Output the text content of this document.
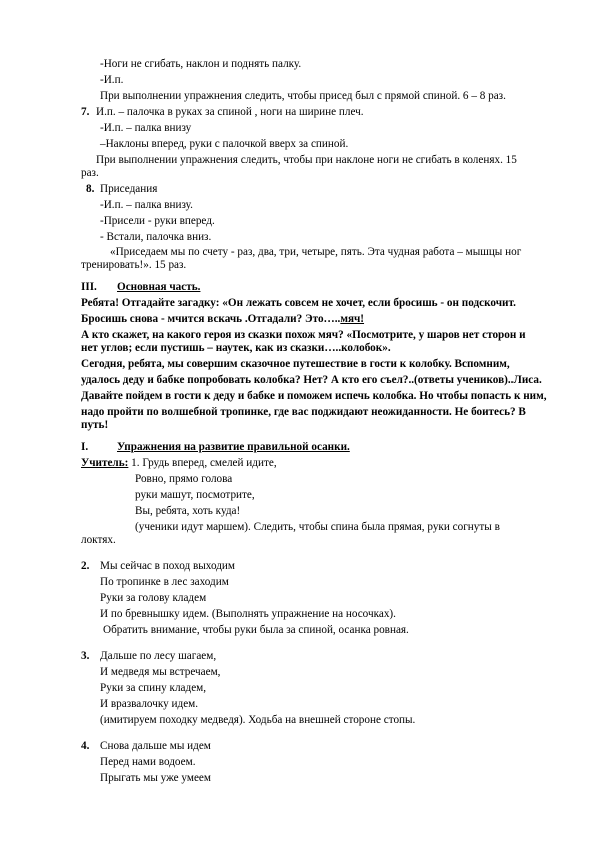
-Ноги не сгибать, наклон и поднять палку.
-И.п.
При выполнении упражнения следить, чтобы присед был с прямой спиной. 6 – 8 раз.
7. И.п. – палочка в руках за спиной , ноги на ширине плеч.
-И.п. – палка внизу
–Наклоны вперед, руки с палочкой вверх за спиной.
При выполнении упражнения следить, чтобы при наклоне ноги не сгибать в коленях. 15
раз.
8. Приседания
-И.п. – палка внизу.
-Присели - руки вперед.
- Встали, палочка вниз.
«Приседаем мы по счету - раз, два, три, четыре, пять. Эта чудная работа – мышцы ног
тренировать!». 15 раз.
III. Основная часть.
Ребята! Отгадайте загадку: «Он лежать совсем не хочет, если бросишь - он подскочит.
Бросишь снова - мчится вскачь .Отгадали? Это…..мяч!
А кто скажет, на какого героя из сказки похож мяч? «Посмотрите, у шаров нет сторон и
нет углов; если пустишь – наутек, как из сказки…..колобок».
Сегодня, ребята, мы совершим сказочное путешествие в гости к колобку. Вспомним,
удалось деду и бабке попробовать колобка? Нет? А кто его съел?..(ответы учеников)..Лиса.
Давайте пойдем в гости к деду и бабке и поможем испечь колобка. Но чтобы попасть к ним,
надо пройти по волшебной тропинке, где вас поджидают неожиданности. Не боитесь? В
путь!
I.	Упражнения на развитие правильной осанки.
Учитель: 1. Грудь вперед, смелей идите,
Ровно, прямо голова
руки машут, посмотрите,
Вы, ребята, хоть куда!
(ученики идут маршем). Следить, чтобы спина была прямая, руки согнуты в
локтях.
2. Мы сейчас в поход выходим
По тропинке в лес заходим
Руки за голову кладем
И по бревнышку идем. (Выполнять упражнение на носочках).
Обратить внимание, чтобы руки была за спиной, осанка ровная.
3. Дальше по лесу шагаем,
И медведя мы встречаем,
Руки за спину кладем,
И вразвалочку идем.
(имитируем походку медведя). Ходьба на внешней стороне стопы.
4. Снова дальше мы идем
Перед нами водоем.
Прыгать мы уже умеем
